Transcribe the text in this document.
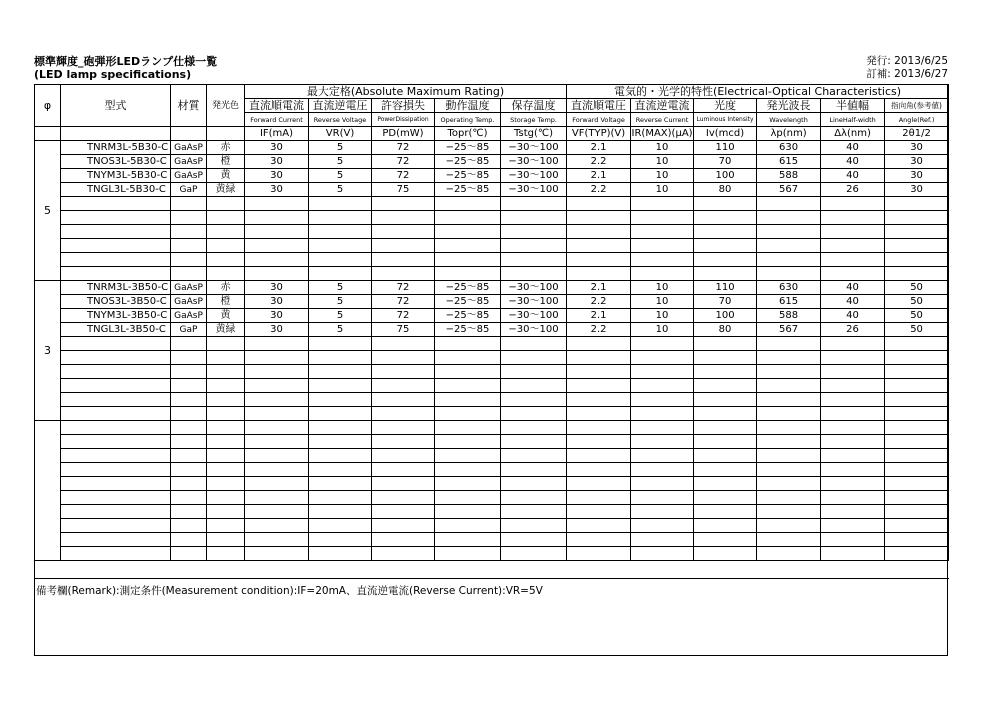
標準輝度_砲弾形LEDランプ仕様一覧
(LED lamp specifications)
発行: 2013/6/25
訂補: 2013/6/27
φ	型式	材質	発光色	最大定格(Absolute Maximum Rating)					電気的・光学的特性(Electrical-Optical Characteristics)					
				直流順電流	直流逆電圧	許容損失	動作温度	保存温度	直流順電圧	直流逆電流	光度	発光波長	半値幅	指向角(参考値)
				Forward Current	Reverse Voltage	PowerDissipation	Operating Temp.	Storage Temp.	Forward Voltage	Reverse Current	Luminous Intensity	Wavelength	LineHalf-width	Angle(Ref.)
				IF(mA)	VR(V)	PD(mW)	Topr(℃)	Tstg(℃)	VF(TYP)(V)	IR(MAX)(μA)	Iv(mcd)	λp(nm)	Δλ(nm)	2θ1/2
5	TNRM3L-5B30-C	GaAsP	赤	30	5	72	−25〜85	−30〜100	2.1	10	110	630	40	30
	TNOS3L-5B30-C	GaAsP	橙	30	5	72	−25〜85	−30〜100	2.2	10	70	615	40	30
	TNYM3L-5B30-C	GaAsP	黄	30	5	72	−25〜85	−30〜100	2.1	10	100	588	40	30
	TNGL3L-5B30-C	GaP	黄緑	30	5	75	−25〜85	−30〜100	2.2	10	80	567	26	30

3	TNRM3L-3B50-C	GaAsP	赤	30	5	72	−25〜85	−30〜100	2.1	10	110	630	40	50
	TNOS3L-3B50-C	GaAsP	橙	30	5	72	−25〜85	−30〜100	2.2	10	70	615	40	50
	TNYM3L-3B50-C	GaAsP	黄	30	5	72	−25〜85	−30〜100	2.1	10	100	588	40	50
	TNGL3L-3B50-C	GaP	黄緑	30	5	75	−25〜85	−30〜100	2.2	10	80	567	26	50

備考欄(Remark):測定条件(Measurement condition):IF=20mA、直流逆電流(Reverse Current):VR=5V
